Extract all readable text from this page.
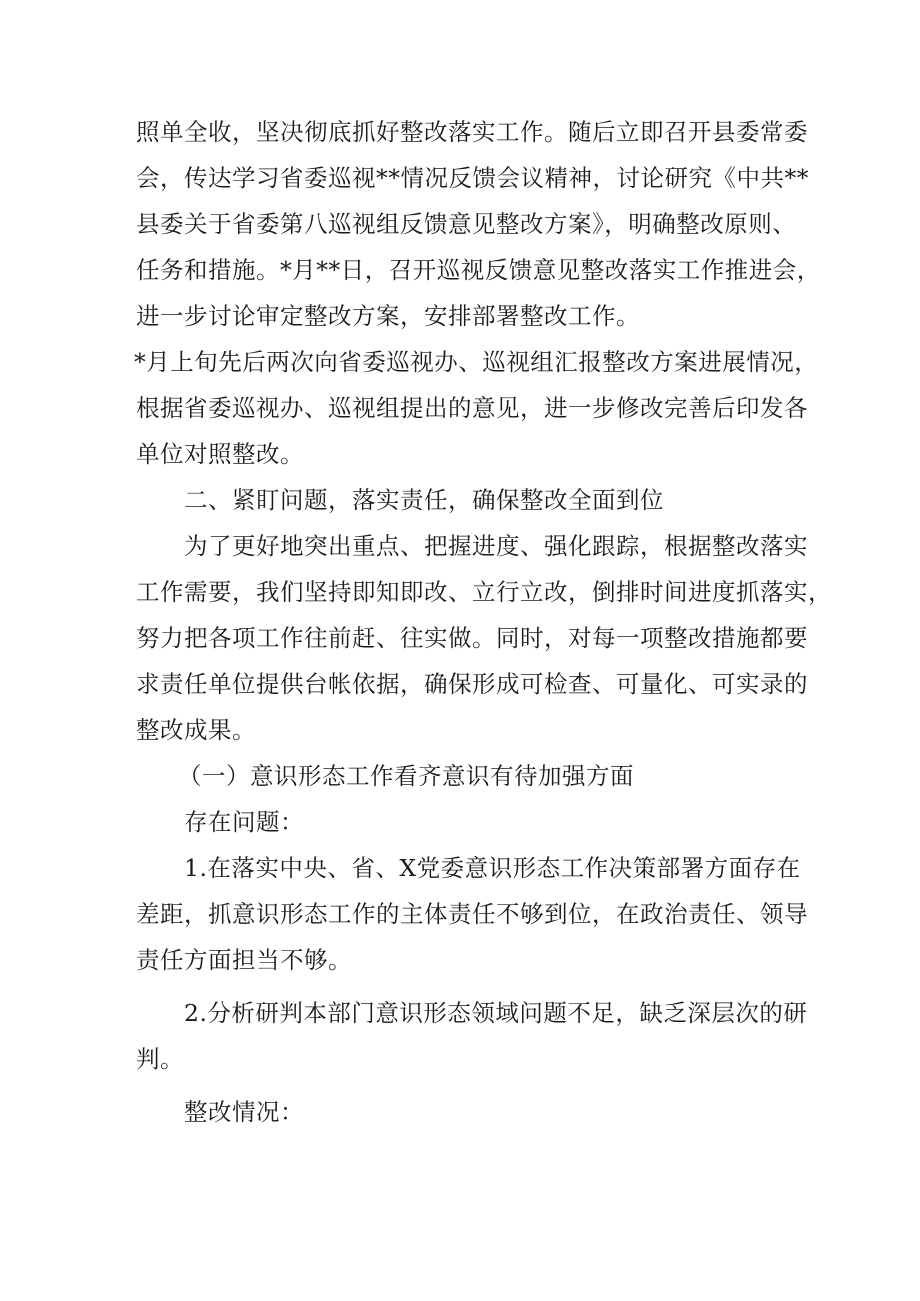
照单全收，坚决彻底抓好整改落实工作。随后立即召开县委常委

会，传达学习省委巡视**情况反馈会议精神，讨论研究《中共**

县委关于省委第八巡视组反馈意见整改方案》，明确整改原则、

任务和措施。*月**日，召开巡视反馈意见整改落实工作推进会，

进一步讨论审定整改方案，安排部署整改工作。

*月上旬先后两次向省委巡视办、巡视组汇报整改方案进展情况，

根据省委巡视办、巡视组提出的意见，进一步修改完善后印发各

单位对照整改。

二、紧盯问题，落实责任，确保整改全面到位

为了更好地突出重点、把握进度、强化跟踪，根据整改落实

工作需要，我们坚持即知即改、立行立改，倒排时间进度抓落实，

努力把各项工作往前赶、往实做。同时，对每一项整改措施都要

求责任单位提供台帐依据，确保形成可检查、可量化、可实录的

整改成果。

（一）意识形态工作看齐意识有待加强方面

存在问题：

1.在落实中央、省、X党委意识形态工作决策部署方面存在

差距，抓意识形态工作的主体责任不够到位，在政治责任、领导

责任方面担当不够。

2.分析研判本部门意识形态领域问题不足，缺乏深层次的研

判。

整改情况：
